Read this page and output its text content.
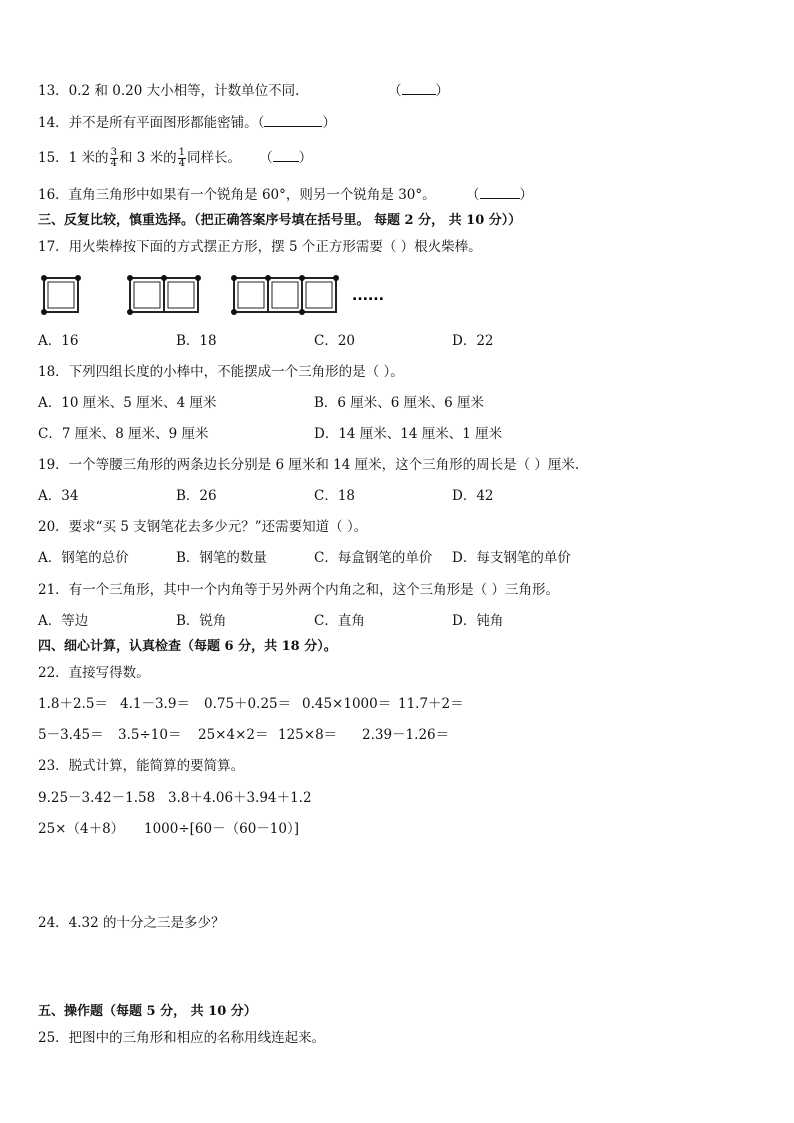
13．0.2 和 0.20 大小相等，计数单位不同.	（	）
14．并不是所有平面图形都能密铺。（	）
15．1 米的 $\frac{3}{4}$ 和 3 米的 $\frac{1}{4}$ 同样长。 （ ）
16．直角三角形中如果有一个锐角是 60°，则另一个锐角是 30°。 （	）
三、反复比较，慎重选择。（把正确答案序号填在括号里。 每题 2 分， 共 10 分））
17．用火柴棒按下面的方式摆正方形，摆 5 个正方形需要（ ）根火柴棒。
......
A．16	B．18	C．20	D．22
18．下列四组长度的小棒中，不能摆成一个三角形的是（ ）。
A．10 厘米、5 厘米、4 厘米	B．6 厘米、6 厘米、6 厘米
C．7 厘米、8 厘米、9 厘米	D．14 厘米、14 厘米、1 厘米
19．一个等腰三角形的两条边长分别是 6 厘米和 14 厘米，这个三角形的周长是（ ）厘米.
A．34	B．26	C．18	D．42
20．要求“买 5 支钢笔花去多少元？”还需要知道（ ）。
A．钢笔的总价	B．钢笔的数量	C．每盒钢笔的单价 D．每支钢笔的单价
21．有一个三角形，其中一个内角等于另外两个内角之和，这个三角形是（ ）三角形。
A．等边	B．锐角	C．直角	D．钝角
四、细心计算，认真检查（每题 6 分，共 18 分）。
22．直接写得数。
1.8＋2.5＝ 4.1－3.9＝ 0.75＋0.25＝ 0.45×1000＝ 11.7＋2＝
5－3.45＝ 3.5÷10＝ 25×4×2＝ 125×8＝ 2.39－1.26＝
23．脱式计算，能简算的要简算。
9.25－3.42－1.58 3.8＋4.06＋3.94＋1.2
25×（4＋8） 1000÷[60－（60－10）]
24．4.32 的十分之三是多少？
五、操作题（每题 5 分， 共 10 分）
25．把图中的三角形和相应的名称用线连起来。
